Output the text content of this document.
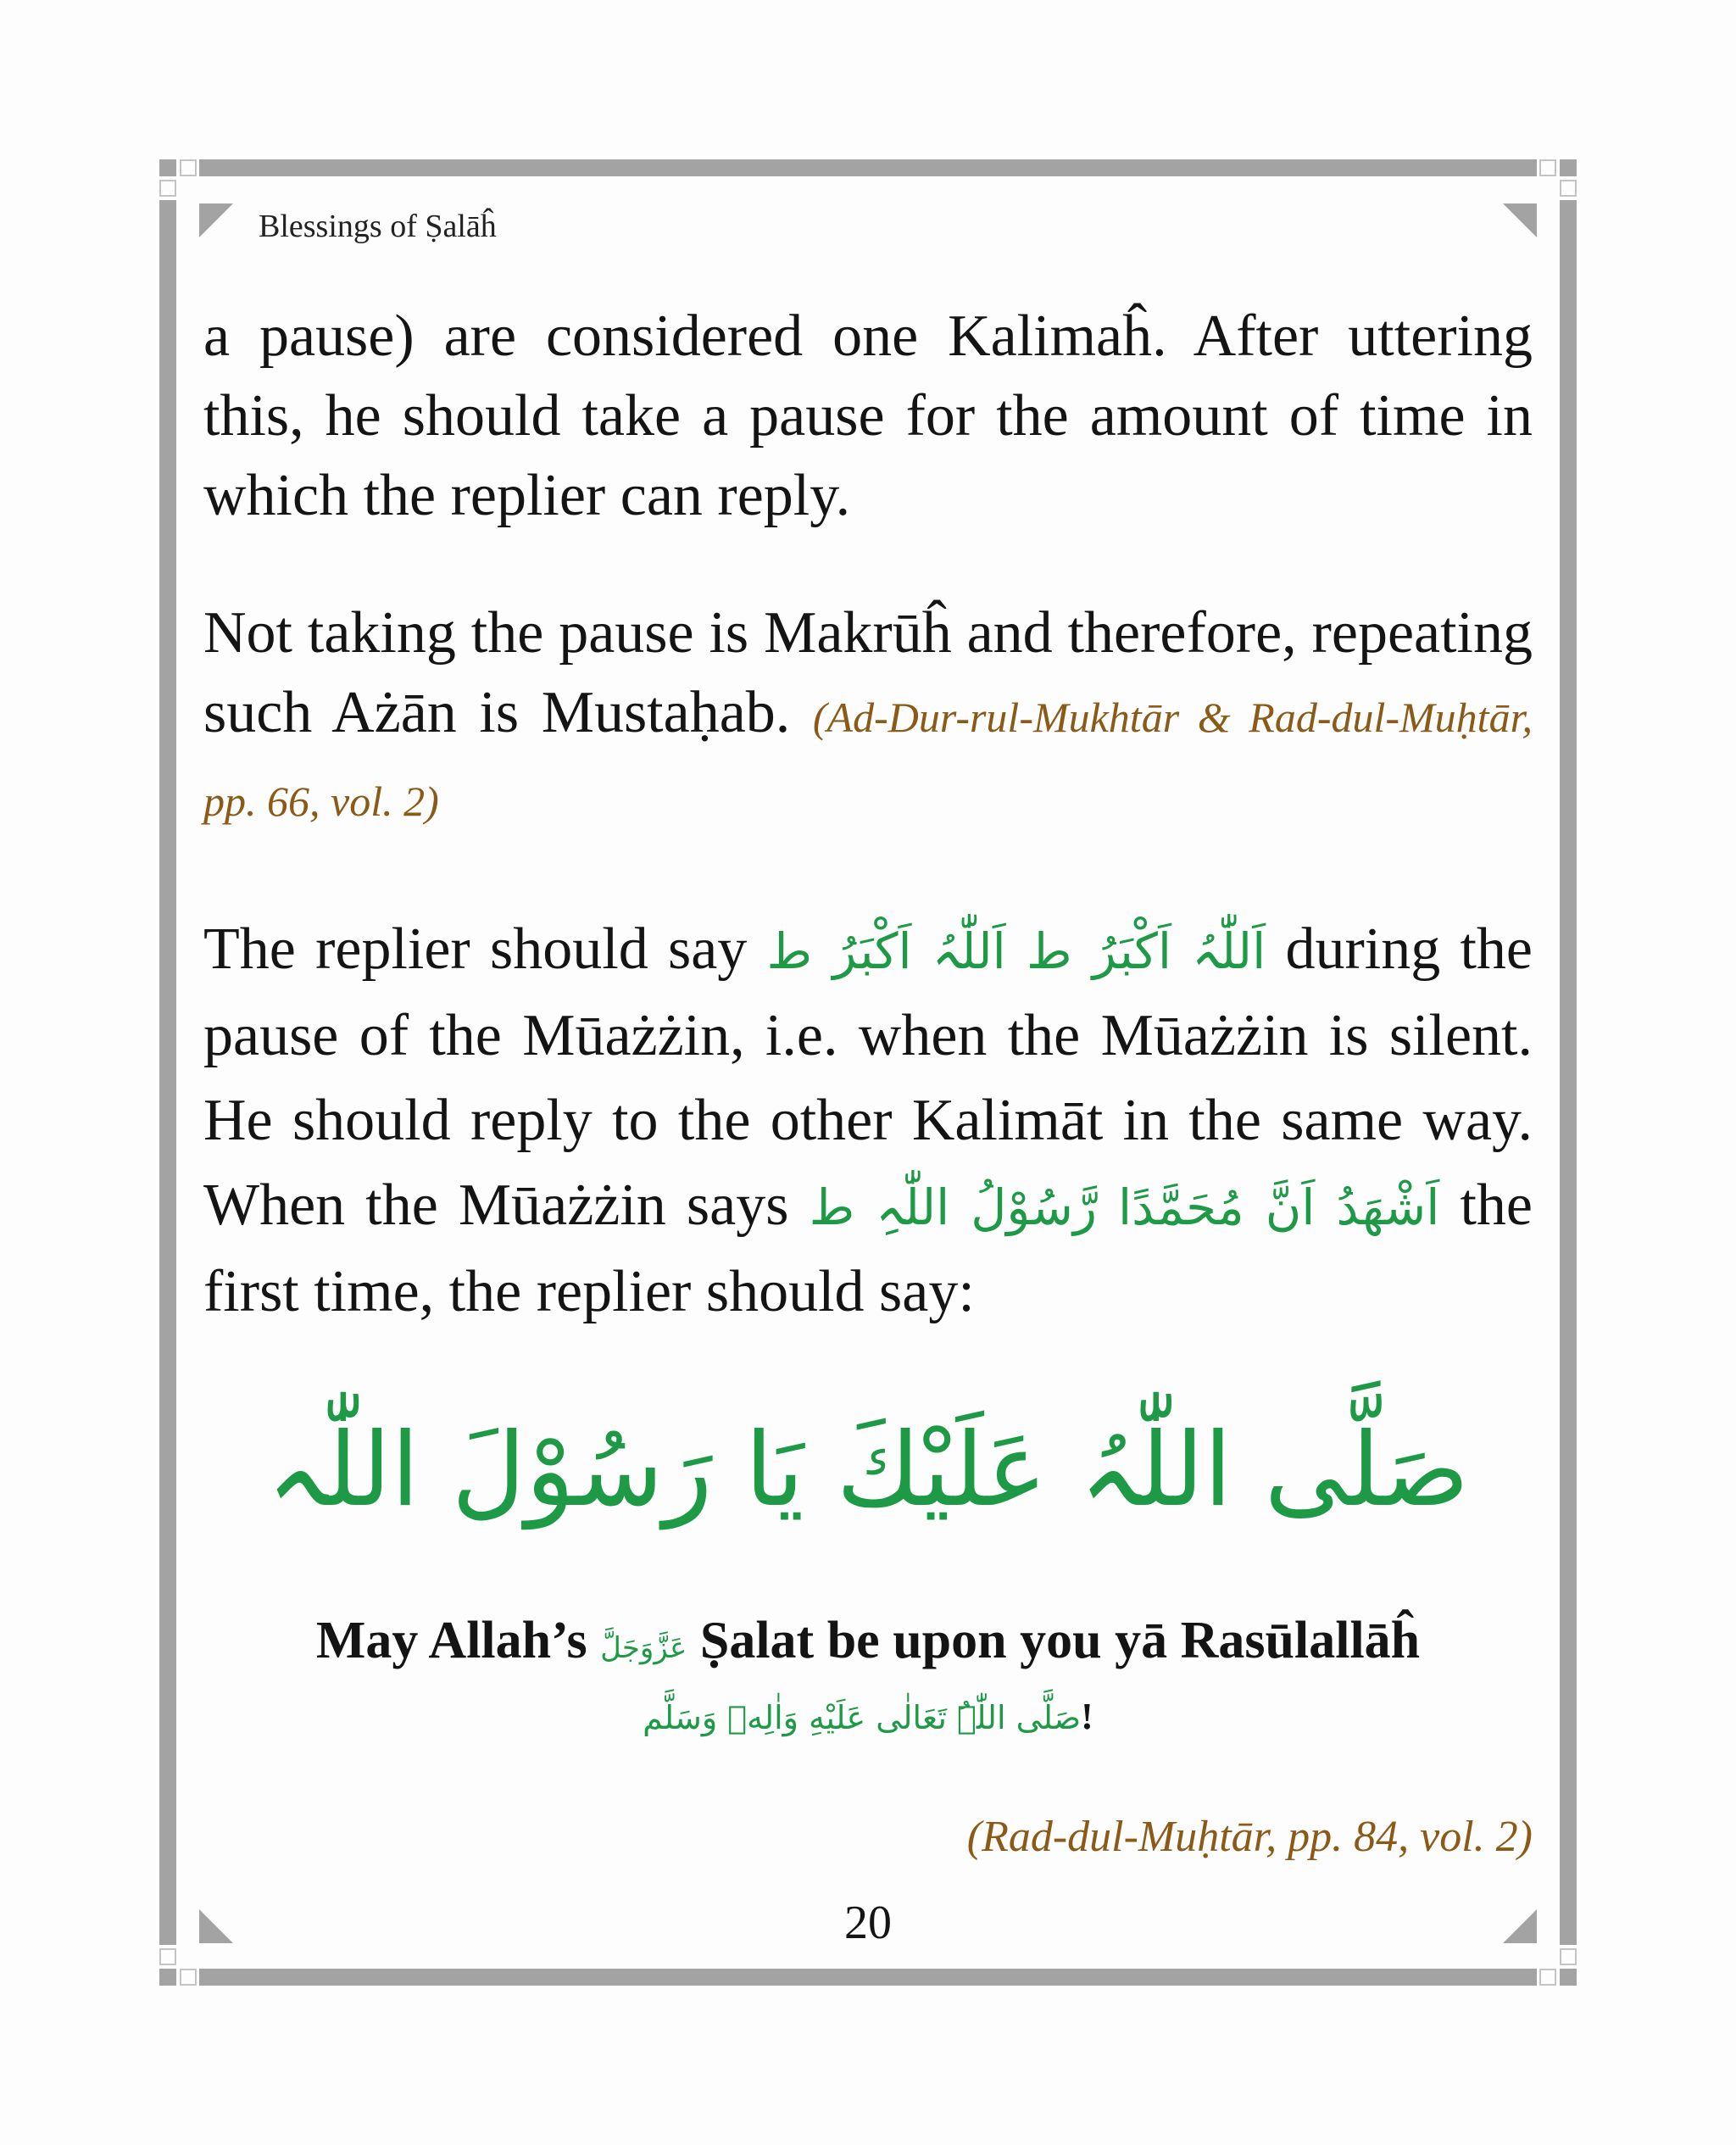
Blessings of Ṣalāĥ

a pause) are considered one Kalimaĥ. After uttering this, he should take a pause for the amount of time in which the replier can reply.

Not taking the pause is Makrūĥ and therefore, repeating such Ażān is Mustaḥab. (Ad-Dur-rul-Mukhtār & Rad-dul-Muḥtār, pp. 66, vol. 2)

The replier should say اَللّٰہُ اَکْبَرُ ط اَللّٰہُ اَکْبَرُ ط during the pause of the Mūażżin, i.e. when the Mūażżin is silent. He should reply to the other Kalimāt in the same way. When the Mūażżin says اَشْهَدُ اَنَّ مُحَمَّدًا رَّسُوْلُ اللّٰہِ ط the first time, the replier should say:

صَلَّى اللّٰہُ عَلَيْكَ يَا رَسُوْلَ اللّٰہ
May Allah’s عَزَّوَجَلَّ Ṣalat be upon you yā Rasūlallāĥ
صَلَّى اللّٰہُ تَعَالٰى عَلَيْهِ وَاٰلِهٖ وَسَلَّم!
(Rad-dul-Muḥtār, pp. 84, vol. 2)
20
